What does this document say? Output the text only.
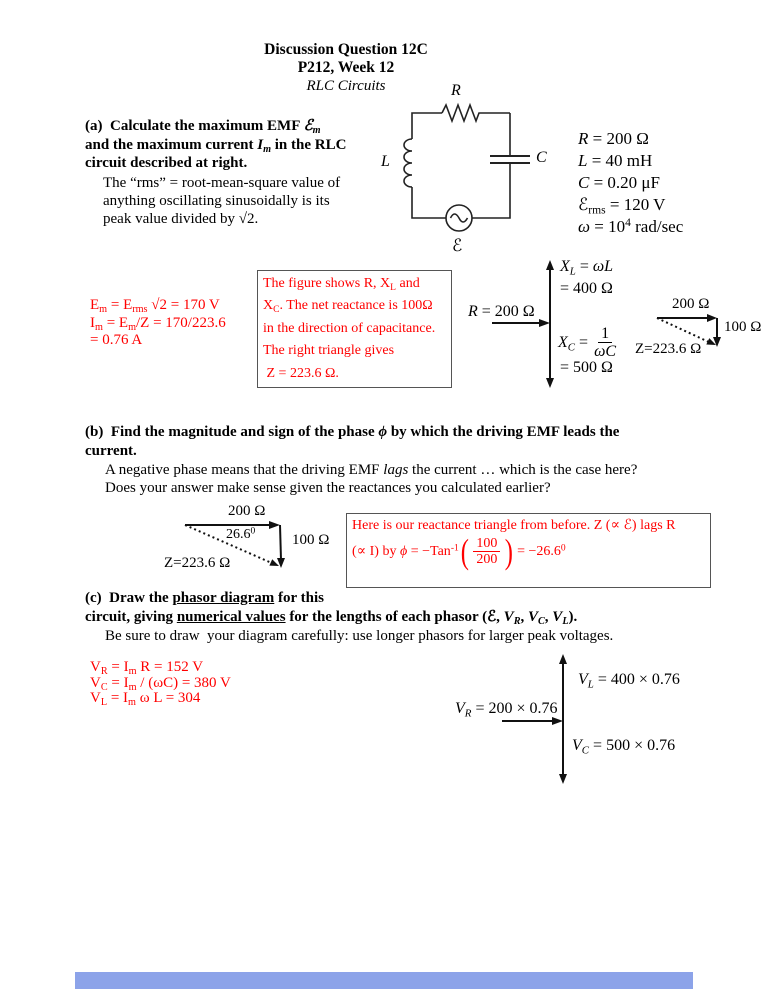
Discussion Question 12C
P212, Week 12
RLC Circuits	R
L	C
ℰ
R = 200 Ω
L = 40 mH
C = 0.20 μF
ℰ$_{rms}$ = 120 V
$\omega = 10^4$ rad/sec
(a)  Calculate the maximum EMF ℰ$_m$
and the maximum current $I_m$ in the RLC
circuit described at right.
The “rms” = root-mean-square value of
anything oscillating sinusoidally is its
peak value divided by √2.
$E_m = E_{rms}$ √2 = 170 V
$I_m = E_m/Z = 170/223.6$
= 0.76 A
The figure shows R, $X_L$ and
$X_C$. The net reactance is 100Ω
in the direction of capacitance.
The right triangle gives
Z = 223.6 Ω.
$X_L = \omega L$
= 400 Ω
R = 200 Ω
$X_C = \frac{1}{\omega C}$
= 500 Ω
200 Ω
100 Ω
Z=223.6 Ω
(b)  Find the magnitude and sign of the phase ϕ by which the driving EMF leads the
current.
A negative phase means that the driving EMF lags the current … which is the case here?
Does your answer make sense given the reactances you calculated earlier?
200 Ω
26.6$^0$
100 Ω
Z=223.6 Ω
Here is our reactance triangle from before. Z (∝ ℰ) lags R
(∝ I) by ϕ = −Tan$^{-1}$ ( $\frac{100}{200}$ ) = $-26.6^0$
(c)  Draw the phasor diagram for this
circuit, giving numerical values for the lengths of each phasor (ℰ, $V_R$, $V_C$, $V_L$).
Be sure to draw  your diagram carefully: use longer phasors for larger peak voltages.
$V_R = I_m$ R = 152 V
$V_C = I_m / (\omega C) = 380$ V
$V_L = I_m$ ω L = 304
$V_R = 200 \times 0.76$
$V_L = 400 \times 0.76$
$V_C = 500 \times 0.76$
